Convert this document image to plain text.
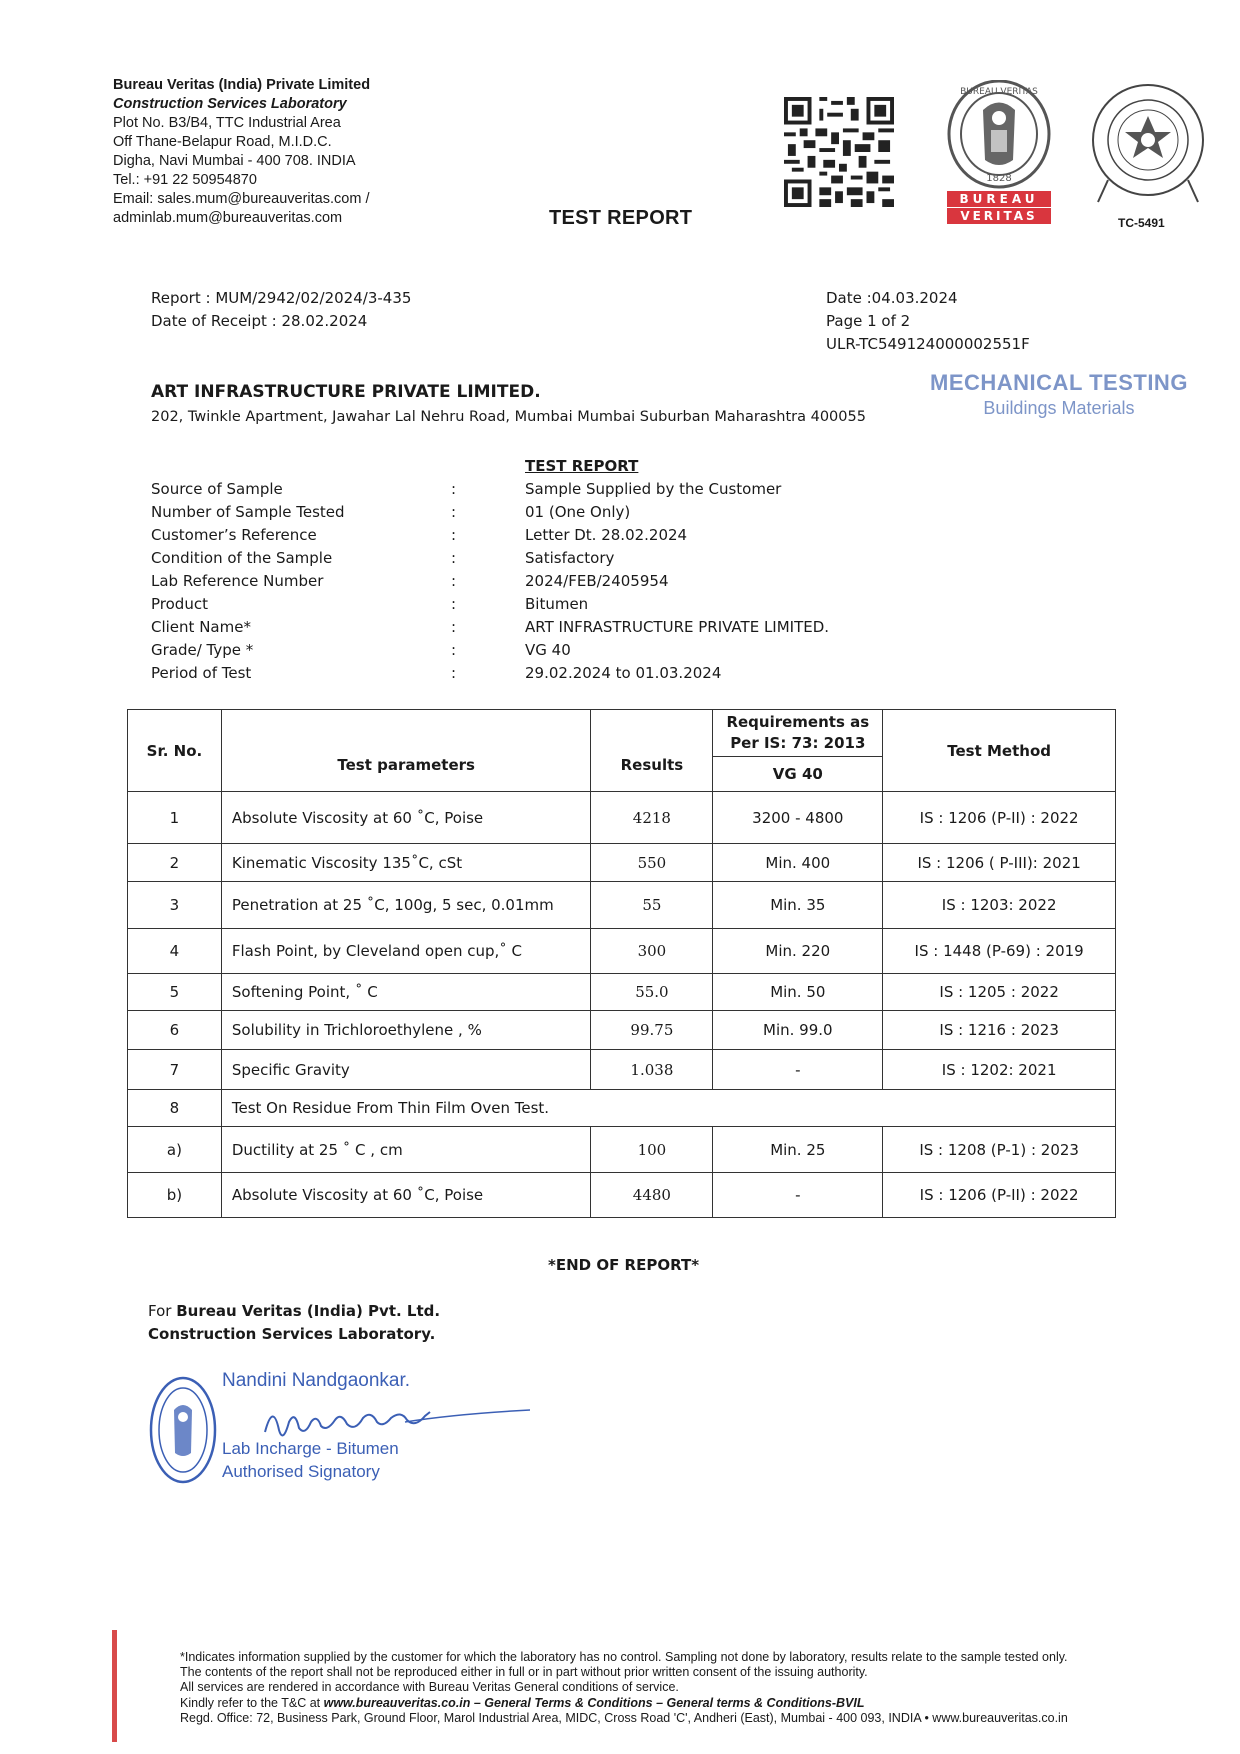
Bureau Veritas (India) Private Limited
Construction Services Laboratory
Plot No. B3/B4, TTC Industrial Area
Off Thane-Belapur Road, M.I.D.C.
Digha, Navi Mumbai - 400 708. INDIA
Tel.: +91 22 50954870
Email: sales.mum@bureauveritas.com /
adminlab.mum@bureauveritas.com	TEST REPORT
1828
BUREAU VERITAS
BUREAU
VERITAS	TC-5491
Report : MUM/2942/02/2024/3-435
Date of Receipt : 28.02.2024
Date :04.03.2024
Page 1 of 2
ULR-TC549124000002551F
ART INFRASTRUCTURE PRIVATE LIMITED.
202, Twinkle Apartment, Jawahar Lal Nehru Road, Mumbai Mumbai Suburban Maharashtra 400055
MECHANICAL TESTING
Buildings Materials
TEST REPORT
Source of Sample	:	Sample Supplied by the Customer
Number of Sample Tested	:	01 (One Only)
Customer’s Reference	:	Letter Dt. 28.02.2024
Condition of the Sample	:	Satisfactory
Lab Reference Number	:	2024/FEB/2405954
Product	:	Bitumen
Client Name*	:	ART INFRASTRUCTURE PRIVATE LIMITED.
Grade/ Type *	:	VG 40
Period of Test	:	29.02.2024 to 01.03.2024
Sr. No.	Test parameters	Results	Requirements as Per IS: 73: 2013	Test Method
			VG 40	
1	Absolute Viscosity at 60 ˚C, Poise	4218	3200 - 4800	IS : 1206 (P-II) : 2022
2	Kinematic Viscosity 135˚C, cSt	550	Min. 400	IS : 1206 ( P-III): 2021
3	Penetration at 25 ˚C, 100g, 5 sec, 0.01mm	55	Min. 35	IS : 1203: 2022
4	Flash Point, by Cleveland open cup,˚ C	300	Min. 220	IS : 1448 (P-69) : 2019
5	Softening Point, ˚ C	55.0	Min. 50	IS : 1205 : 2022
6	Solubility in Trichloroethylene , %	99.75	Min. 99.0	IS : 1216 : 2023
7	Specific Gravity	1.038	-	IS : 1202: 2021
8	Test On Residue From Thin Film Oven Test.			
a)	Ductility at 25 ˚ C , cm	100	Min. 25	IS : 1208 (P-1) : 2023
b)	Absolute Viscosity at 60 ˚C, Poise	4480	-	IS : 1206 (P-II) : 2022
*END OF REPORT*
For Bureau Veritas (India) Pvt. Ltd.
Construction Services Laboratory.
Nandini Nandgaonkar.
Lab Incharge - Bitumen
Authorised Signatory
*Indicates information supplied by the customer for which the laboratory has no control. Sampling not done by laboratory, results relate to the sample tested only.
The contents of the report shall not be reproduced either in full or in part without prior written consent of the issuing authority.
All services are rendered in accordance with Bureau Veritas General conditions of service.
Kindly refer to the T&C at www.bureauveritas.co.in – General Terms & Conditions – General terms & Conditions-BVIL
Regd. Office: 72, Business Park, Ground Floor, Marol Industrial Area, MIDC, Cross Road 'C', Andheri (East), Mumbai - 400 093, INDIA • www.bureauveritas.co.in
